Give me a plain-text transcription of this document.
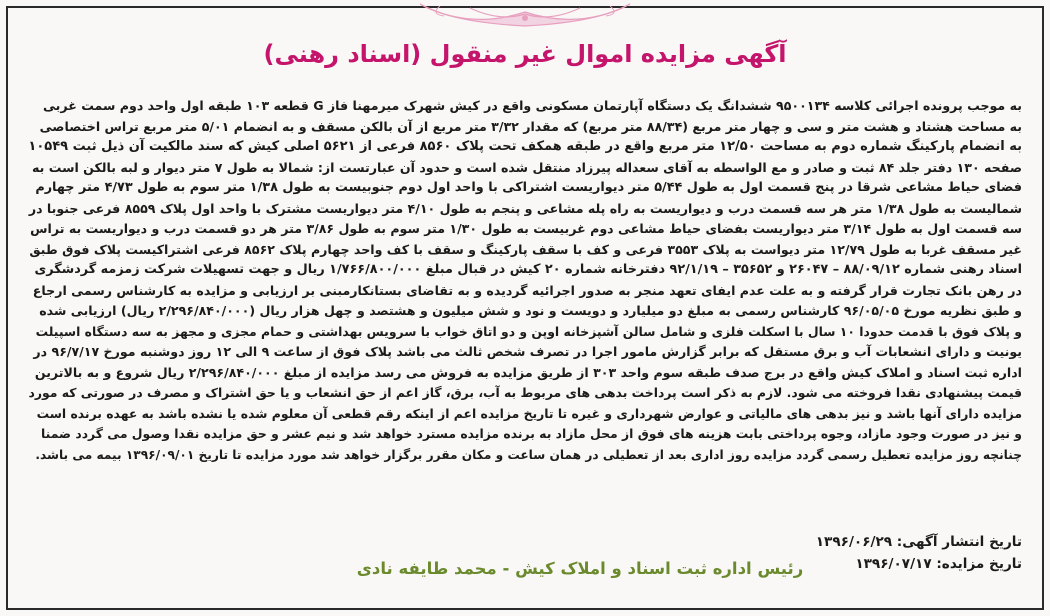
آگهی مزایده اموال غیر منقول (اسناد رهنی)
به موجب پرونده اجرائی کلاسه ۹۵۰۰۱۳۴ ششدانگ یک دستگاه آپارتمان مسکونی واقع در کیش شهرک میرمهنا فاز G قطعه ۱۰۳ طبقه اول واحد دوم سمت غربی
به مساحت هشتاد و هشت متر و سی و چهار متر مربع (۸۸/۳۴ متر مربع) که مقدار ۳/۳۲ متر مربع از آن بالکن مسقف و به انضمام ۵/۰۱ متر مربع تراس اختصاصی
به انضمام پارکینگ شماره دوم به مساحت ۱۲/۵۰ متر مربع واقع در طبقه همکف تحت پلاک ۸۵۶۰ فرعی از ۵۶۲۱ اصلی کیش که سند مالکیت آن ذیل ثبت ۱۰۵۴۹
صفحه ۱۳۰ دفتر جلد ۸۴ ثبت و صادر و مع الواسطه به آقای سعداله پیرزاد منتقل شده است و حدود آن عبارتست از: شمالا به طول ۷ متر دیوار و لبه بالکن است به
فضای حیاط مشاعی شرقا در پنج قسمت اول به طول ۵/۴۴ متر دیواریست اشتراکی با واحد اول دوم جنوبیست به طول ۱/۳۸ متر سوم به طول ۴/۷۳ متر چهارم
شمالیست به طول ۱/۳۸ متر هر سه قسمت درب و دیواریست به راه پله مشاعی و پنجم به طول ۴/۱۰ متر دیواریست مشترک با واحد اول پلاک ۸۵۵۹ فرعی جنوبا در
سه قسمت اول به طول ۳/۱۴ متر دیواریست بفضای حیاط مشاعی دوم غربیست به طول ۱/۳۰ متر سوم به طول ۳/۸۶ متر هر دو قسمت درب و دیواریست به تراس
غیر مسقف غربا به طول ۱۲/۷۹ متر دیواست به پلاک ۳۵۵۳ فرعی و کف با سقف پارکینگ و سقف با کف واحد چهارم پلاک ۸۵۶۲ فرعی اشتراکیست پلاک فوق طبق
اسناد رهنی شماره ۸۸/۰۹/۱۲ – ۲۶۰۴۷ و ۳۵۶۵۲ – ۹۲/۱/۱۹ دفترخانه شماره ۲۰ کیش در قبال مبلغ ۱/۷۶۶/۸۰۰/۰۰۰ ریال و جهت تسهیلات شرکت زمزمه گردشگری
در رهن بانک تجارت قرار گرفته و به علت عدم ایفای تعهد منجر به صدور اجرائیه گردیده و به تقاضای بستانکارمبنی بر ارزیابی و مزایده به کارشناس رسمی ارجاع
و طبق نظریه مورخ ۹۶/۰۵/۰۵ کارشناس رسمی به مبلغ دو میلیارد و دویست و نود و شش میلیون و هشتصد و چهل هزار ریال (۲/۲۹۶/۸۴۰/۰۰۰ ریال) ارزیابی شده
و پلاک فوق با قدمت حدودا ۱۰ سال با اسکلت فلزی و شامل سالن آشپزخانه اوپن و دو اتاق خواب با سرویس بهداشتی و حمام مجزی و مجهز به سه دستگاه اسپیلت
یونیت و دارای انشعابات آب و برق مستقل که برابر گزارش مامور اجرا در تصرف شخص ثالث می باشد پلاک فوق از ساعت ۹ الی ۱۲ روز دوشنبه مورخ ۹۶/۷/۱۷ در
اداره ثبت اسناد و املاک کیش واقع در برج صدف طبقه سوم واحد ۳۰۳ از طریق مزایده به فروش می رسد مزایده از مبلغ ۲/۲۹۶/۸۴۰/۰۰۰ ریال شروع و به بالاترین
قیمت پیشنهادی نقدا فروخته می شود. لازم به ذکر است پرداخت بدهی های مربوط به آب، برق، گاز اعم از حق انشعاب و یا حق اشتراک و مصرف در صورتی که مورد
مزایده دارای آنها باشد و نیز بدهی های مالیاتی و عوارض شهرداری و غیره تا تاریخ مزایده اعم از اینکه رقم قطعی آن معلوم شده یا نشده باشد به عهده برنده است
و نیز در صورت وجود مازاد، وجوه پرداختی بابت هزینه های فوق از محل مازاد به برنده مزایده مسترد خواهد شد و نیم عشر و حق مزایده نقدا وصول می گردد ضمنا
چنانچه روز مزایده تعطیل رسمی گردد مزایده روز اداری بعد از تعطیلی در همان ساعت و مکان مقرر برگزار خواهد شد مورد مزایده تا تاریخ ۱۳۹۶/۰۹/۰۱ بیمه می باشد.
تاریخ انتشار آگهی: ۱۳۹۶/۰۶/۲۹
تاریخ مزایده: ۱۳۹۶/۰۷/۱۷
رئیس اداره ثبت اسناد و املاک کیش - محمد طایفه نادی
